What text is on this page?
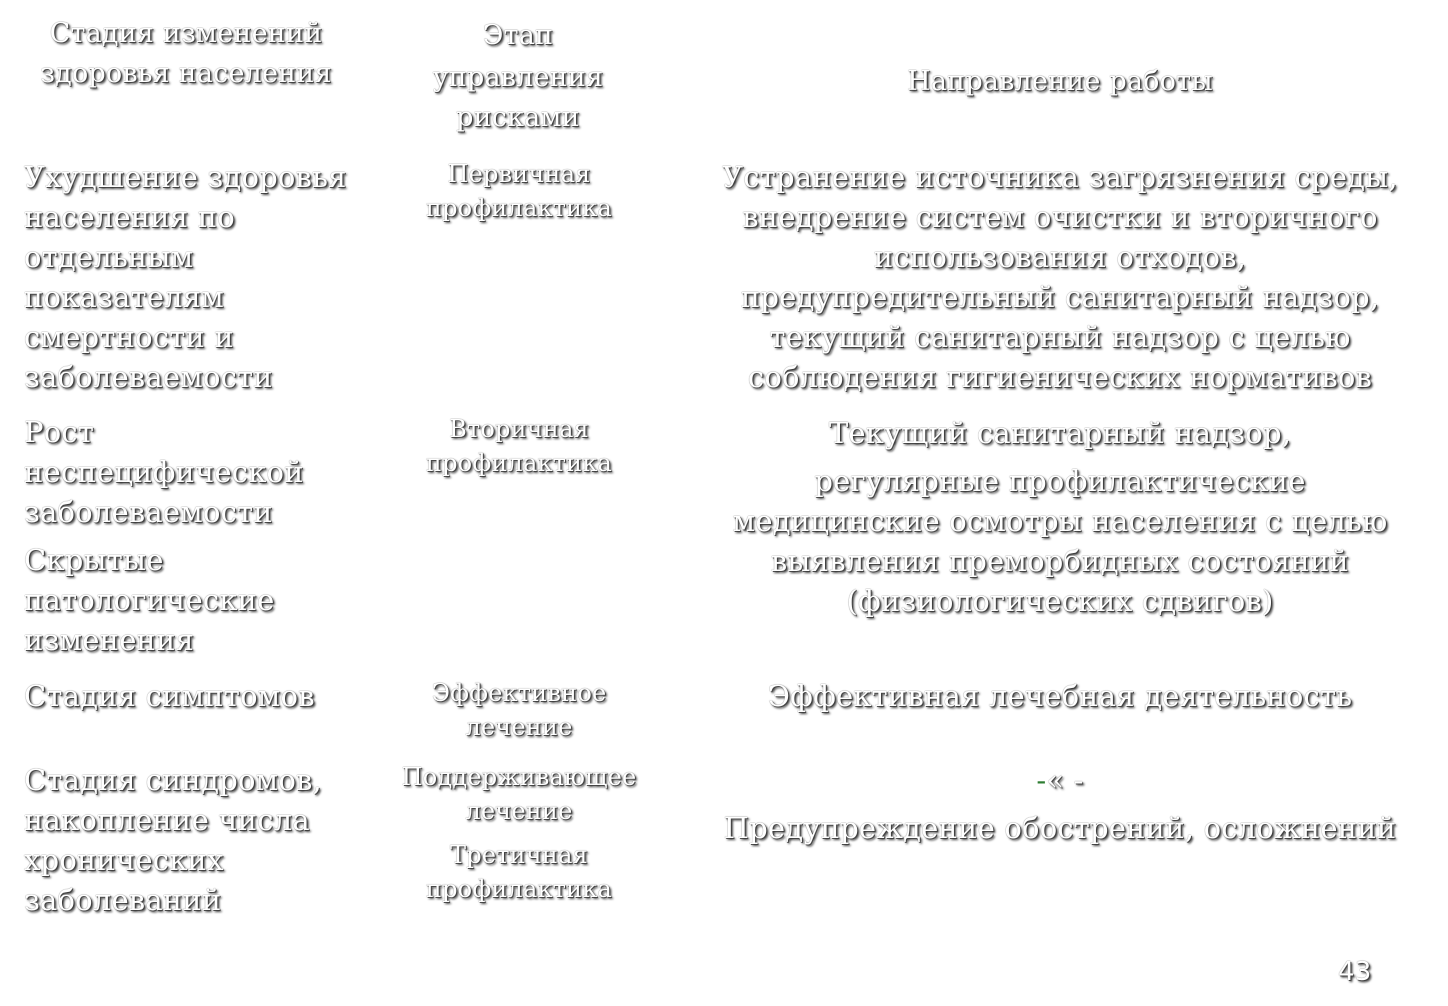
Стадия изменений здоровья населения
Этап
управления рисками
Направление работы
Ухудшение здоровья населения по отдельным показателям смертности и заболеваемости
Первичная профилактика
Устранение источника загрязнения среды, внедрение систем очистки и вторичного использования отходов, предупредительный санитарный надзор, текущий санитарный надзор с целью соблюдения гигиенических нормативов
Рост неспецифической заболеваемости
Скрытые патологические изменения
Вторичная профилактика
Текущий санитарный надзор,
регулярные профилактические медицинские осмотры населения с целью выявления преморбидных состояний (физиологических сдвигов)
Стадия симптомов	Эффективное лечение
Эффективная лечебная деятельность
Стадия синдромов, накопление числа хронических заболеваний
Поддерживающее лечение
Третичная профилактика
-« -
Предупреждение обострений, осложнений
43
